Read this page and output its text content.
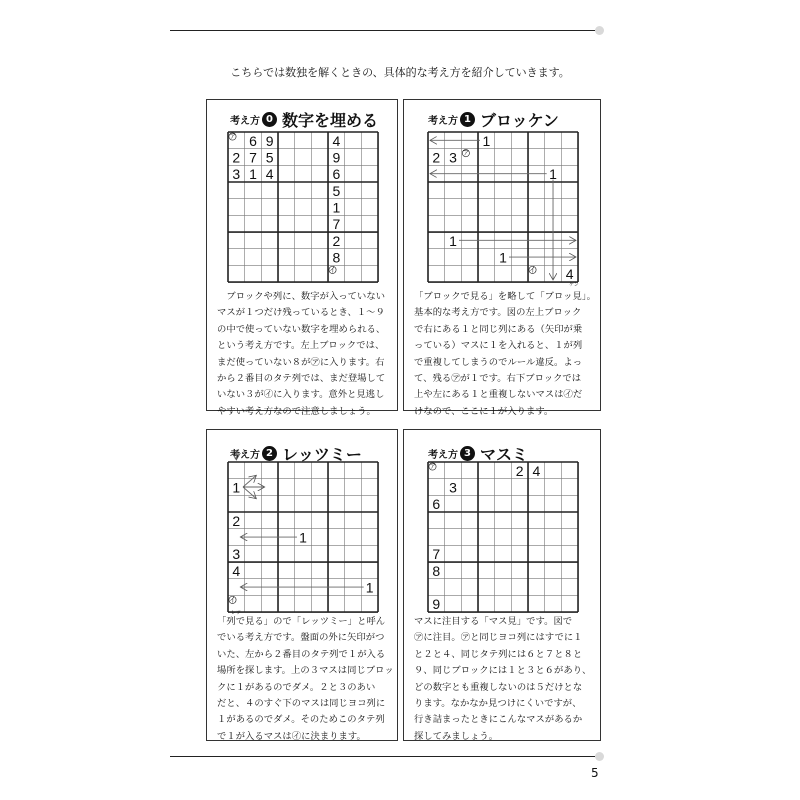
こちらでは数独を解くときの、具体的な考え方を紹介していきます。
5
考え方 0 数字を埋める
ア 6 9	4
2 7 5	9
3 1 4	6
5
1
7
2
8
イ
　ブロックや列に、数字が入っていない
マスが１つだけ残っているとき、１～９
の中で使っていない数字を埋められる、
という考え方です。左上ブロックでは、
まだ使っていない８が㋐に入ります。右
から２番目のタテ列では、まだ登場して
いない３が㋑に入ります。意外と見逃し
やすい考え方なので注意しましょう。
考え方 1 ブロッケン
1
2 3 ア
1
1
1
イ 4
「ブロックで見る」を略して「ブロッ見」。
基本的な考え方です。図の左上ブロック
で右にある１と同じ列にある（矢印が乗
っている）マスに１を入れると、１が列
で重複してしまうのでルール違反。よっ
て、残る㋐が１です。右下ブロックでは
上や左にある１と重複しないマスは㋑だ
けなので、ここに１が入ります。
ケン
考え方 2 レッツミー
1
2
1
3
4
1
イ
「列で見る」ので「レッツミー」と呼ん
でいる考え方です。盤面の外に矢印がつ
いた、左から２番目のタテ列で１が入る
場所を探します。上の３マスは同じブロッ
クに１があるのでダメ。２と３のあい
だと、４のすぐ下のマスは同じヨコ列に
１があるのでダメ。そのためこのタテ列
で１が入るマスは㋑に決まります。
レツ
考え方 3 マスミ
ア	2 4
3
6
7
8
9
マスに注目する「マス見」です。図で
㋐に注目。㋐と同じヨコ列にはすでに１
と２と４、同じタテ列には６と７と８と
９、同じブロックには１と３と６があり、
どの数字とも重複しないのは５だけとな
ります。なかなか見つけにくいですが、
行き詰まったときにこんなマスがあるか
探してみましょう。
